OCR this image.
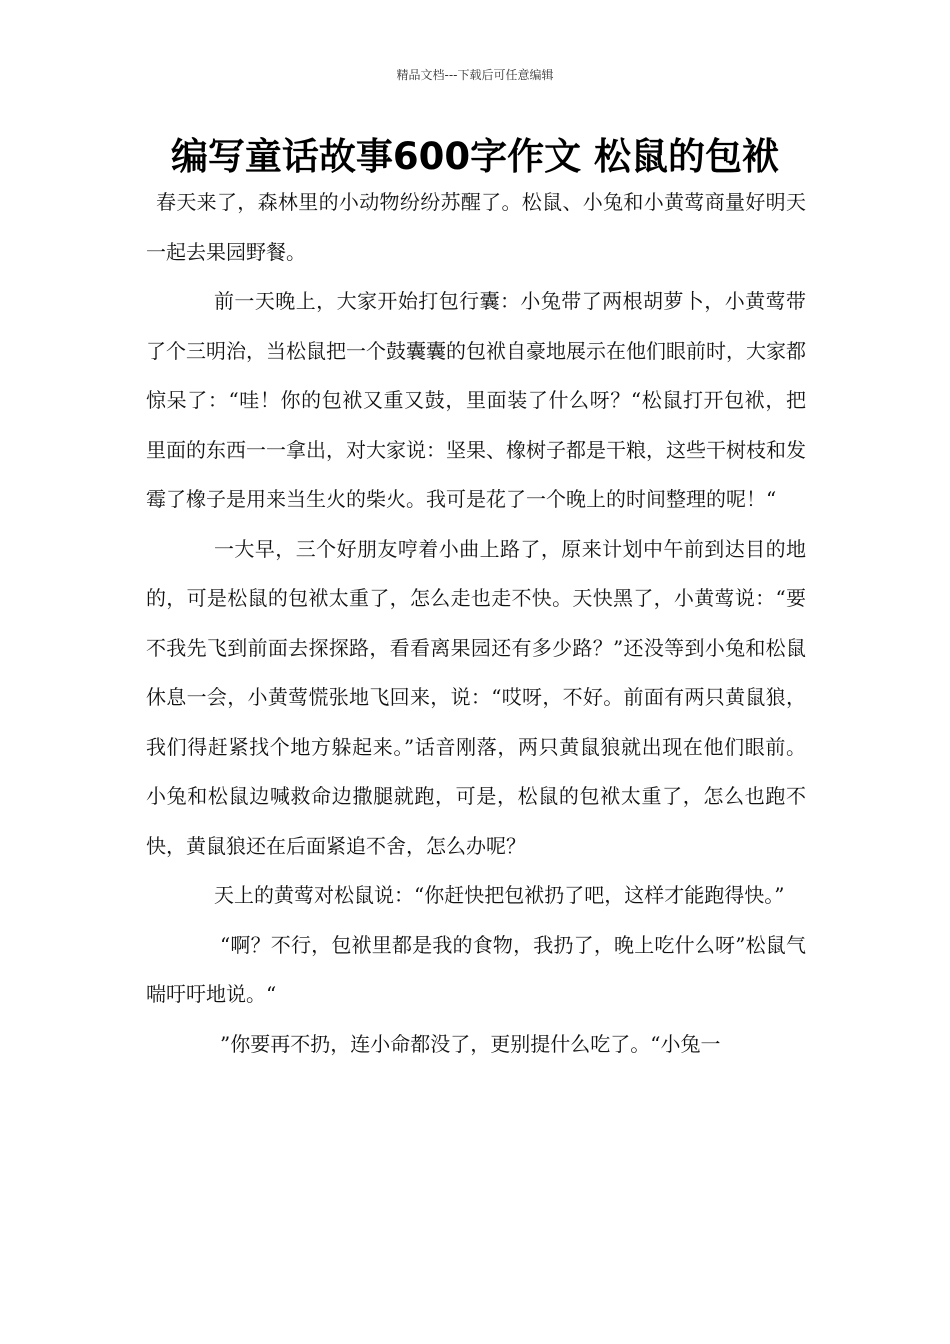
精品文档---下载后可任意编辑
编写童话故事600字作文 松鼠的包袱

春天来了，森林里的小动物纷纷苏醒了。松鼠、小兔和小黄莺商量好明天一起去果园野餐。

前一天晚上，大家开始打包行囊：小兔带了两根胡萝卜，小黄莺带了个三明治，当松鼠把一个鼓囊囊的包袱自豪地展示在他们眼前时，大家都惊呆了：“哇！你的包袱又重又鼓，里面装了什么呀？“松鼠打开包袱，把里面的东西一一拿出，对大家说：坚果、橡树子都是干粮，这些干树枝和发霉了橡子是用来当生火的柴火。我可是花了一个晚上的时间整理的呢！“

一大早，三个好朋友哼着小曲上路了，原来计划中午前到达目的地的，可是松鼠的包袱太重了，怎么走也走不快。天快黑了，小黄莺说：“要不我先飞到前面去探探路，看看离果园还有多少路？”还没等到小兔和松鼠休息一会，小黄莺慌张地飞回来，说：“哎呀，不好。前面有两只黄鼠狼，我们得赶紧找个地方躲起来。”话音刚落，两只黄鼠狼就出现在他们眼前。小兔和松鼠边喊救命边撒腿就跑，可是，松鼠的包袱太重了，怎么也跑不快，黄鼠狼还在后面紧追不舍，怎么办呢？

天上的黄莺对松鼠说：“你赶快把包袱扔了吧，这样才能跑得快。”

“啊？不行，包袱里都是我的食物，我扔了，晚上吃什么呀”松鼠气喘吁吁地说。“

”你要再不扔，连小命都没了，更别提什么吃了。“小兔一
